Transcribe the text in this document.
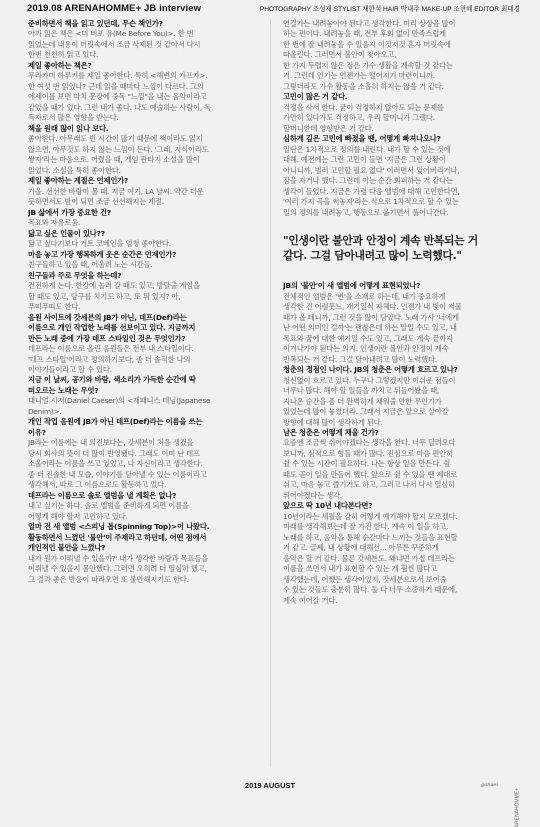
2019.08 ARENAHOMME+ JB interview	PHOTOGRAPHY 조성재 STYLIST 채한석 HAIR 박내주 MAKE-UP 조현혜 EDITOR 최태경

준비하면서 책을 읽고 있던데, 무슨 책인가?

아까 읽은 책은 <미 비포 유(Me Before You)>. 한 번

읽었는데 내용이 머릿속에서 조금 삭제된 것 같아서 다시

한번 천천히 읽고 있다.

제일 좋아하는 책은?

무라카미 하루키를 제일 좋아한다. 특히 <해변의 카프카>.

한 여섯 번 읽었나? 근데 읽을 때마다 느낌이 다르다. 그의

에세이를 보면 마치 문장에 중독 "느낌"을 내는 음악이라고

같았을 때가 있다. 그런 내가 좋다. 나도 예술하는 사람이, 독

득자로서 많은 영향을 받는다.

책을 원래 많이 읽나 보다.

좋아한다. 아무래도 빈 시간이 많기 때문에 책이라도 읽지

않으면, 아무것도 하지 않는 느낌이 든다. '그래, 지식이라도

쌓자'라는 마음으로. 어렸을 때, 게임 판타지 소설을 많이

읽었다. 소설을 특히 좋아한다.

제일 좋아하는 계절은 언제인가?

가을. 선선한 바람이 불 때. 지금 여기, LA 날씨. 약간 더운

듯하면서도 밤이 되면 조금 선선해지는 계절.

JB 삶에서 가장 중요한 건?

목표와 자유로움.

닮고 싶은 인물이 있나??

닮고 싶다기보다 커트 코베인을 엄청 좋아한다.

마음 놓고 가장 행복하게 웃은 순간은 언제인가?

친구들하고 있을 때, 어울려 노는 시간들.

친구들과 주로 무엇을 하는데?

건전하게 논다. 한강에 놀러 갈 때도 있고, 방탈출 게임을

할 때도 있고, 당구를 치기도 하고, 또 뭐 있지? 아,

푸띠푸띠도 한다.

음원 사이트에 갓세븐의 JB가 아닌, 데프(Def)라는

이름으로 개인 작업한 노래를 선보이고 있다. 지금까지

만든 노래 중에 가장 데프 스타일인 것은 무엇인가?

데프라는 이름으로 올린 음원들은 전부 내 스타일이다.

'데프 스타일'이라고 정의하기보다, 좀 더 솔직한 나의

이야기들이라고 할 수 있다.

지금 이 날씨, 공기와 바람, 색소리가 가득한 순간에 딱

떠오르는 노래는 무엇?

대니얼 시저(Daniel Caeser)의 <재패니스 데님(Japanese

Denim)>.

개인 작업 음원에 JB가 아닌 데프(Def)라는 이름을 쓰는

이유?

JB라는 이름에는 내 의견보다는, 갓세븐이 처음 생겼을

당시 회사의 뜻이 더 많이 반영됐다. 그래도 이미 난 데프

소울이라는 이름을 쓰고 있었고, 나 자신이라고 생각한다.

좀 더 진솔한 내 모습, 이야기를 담아낼 수 있는 이름이라고

생각해서, 따로 그 이름으로도 활동하고 있다.

데프라는 이름으로 솔로 앨범을 낼 계획은 없나?

내고 싶기는 하다. 솔로 앨범을 준비하게 되면 이름을

어떻게 해야 할지 고민하고 있다.

얼마 전 새 앨범 <스피닝 톱(Spinning Top)>이 나왔다.

활동하면서 느꼈던 '불안'이 주제라고 하던데, 어떤 점에서

개인적인 불안을 느꼈나?

내가 원가 이뤄낼 수 있을까?' 내가 생각한 바람과 목표들을

이뤄낼 수 있을지 불안했다. 그러면 오히려 더 열심히 했고,

그 결과 좋은 반응이 따라오면 또 불안해지기도 한다.

연결가는 내려놓아야 된다고 생각한다. 미리 상상을 많이

하는 편이다. 내려놓을 때, 전부 후회 없이 만족스럽게

한 번에 잘 내려놓을 수 있음지 이것저것 혼자 머릿속에

따올린다. 그러면서 불안이 찾아오고,

한 가지 두렵지 않은 점은 가수 생활을 계속할 것 같다는

거. 그런데 인기는 언젠가는 떨어지기 마련이니까.

그렇더라도 가수 활동을 소홀히 하지는 않을 거 같다.

고민이 많은 거 같다.

걱정을 사서 한다. 굳이 걱정하지 않아도 되는 문제를

가만히 있다가도 걱정하고, 우리 할머니가 그랬다.

할머니한테 영향받은 거 같다.

심하게 깊은 고민에 빠졌을 땐, 어떻게 빠져나오나?

일단은 1차적으로 정의를 내린다. 내가 할 수 있는 것에

대해. 예전에는 그런 고민이 들면 '지금은 그런 상황이

아니니까, 별러 고민할 필요 없다' 이러면서 잊어버리거나,

잠을 자거나 했다. 그런데 이는 순간 회피하는 거 같다는

생각이 들었다. 지금은 가령 다음 앨범에 대해 고민한다면,

'여러 가지 곡을 써놓자'라는 식으로 1차적으로 할 수 있는

일의 정의를 내려놓고, 행동으로 옮기면서 풀어나간다.

"인생이란 불안과 안정이 계속 반복되는 거

같다. 그걸 담아내려고 많이 노력했다."

JB의 '불안'이 새 앨범에 어떻게 표현되었나?

전체적인 앨범은 '변'을 소재로 하는데, 내가 중요하게

생각한 건 어렴풋느, 개기일식 자체다. 언젠가 내 빛이 저물

때가 올 테니까, 그런 것을 많이 담았다. 노래 가사 '너에게

난 어떤 의미인 걸까'는 괜찮은데 하는 말일 수도 있고, 내

목표와 꿈에 대한 얘기일 수도 있고, 그래도 계속 끝까지

이겨나가야 된다는 의지. 인생이란 불안과 안정이 계속

반복되는 거 같다. 그걸 담아내려고 많이 노력했다.

청춘의 정점인 나이다. JB의 청춘은 어떻게 흐르고 있나?

청신없이 흐르고 있다. 누구나 그렇겠지만 이쉬운 점들이

너무나 많다. 해야 할 일들을 까치고 뒤들어봤을 때,

지나온 순간을 좀 더 완벽하게 채워줄 만한 무언가가

있었는데 많이 놓쳤더라. 그래서 지금은 앞으로 살아갈

방향에 대해 많이 생각하게 된다.

남은 청춘은 어떻게 채울 건가?

요즘엔 조금씩 쉬어야겠다는 생각을 한다. 너무 달려오다

보니까, 심적으로 힘들 때가 많다. 진심으로 마음 편안히

쉴 수 있는 시간이 필요하다. 나는 항상 일을 만든다. 쉴

때도 곧이 일을 만들어 했다. 앞으로 쉴 수 있을 땐 제대로

쉬고, 마음 놓고 즐기기도 하고, 그러고 나서 다시 열심히

뛰어야겠다는 생각.

앞으로 딱 10년 내다본다면?

10년이라는 세월을 감히 어떻게 예기해야 할지 모르겠다.

미래를 생각해보는데 잘 가진 한다. 계속 이 일을 하고,

노래를 하고, 음악을 통해 순간마다 느끼는 것들을 표현할

거 같고. 글쎄, 내 상황에 대해선... 아무튼 꾸준하게

음악은 할 거 같다. 물론 갓세븐도. 왜냐면 가십 데프라는

이름을 쓰면서 내가 표현할 수 있는 게 훨씬 많다고

생각했는데, 어쨌든 생각이었지, 갓세븐으로서 보여줄

수 있는 것들도 충분히 많다. 둘 다 너무 소중하기 때문에,

계속 이어갈 거다.

2019 AUGUST	ganaei
ARENAHOMME+
